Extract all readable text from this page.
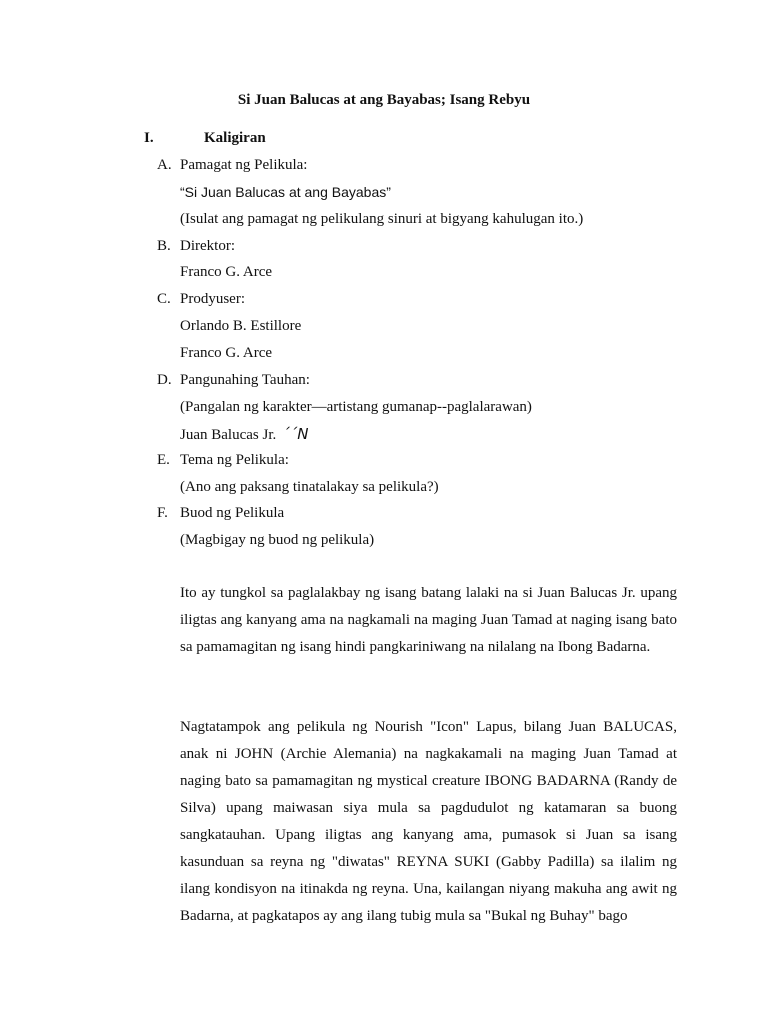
Si Juan Balucas at ang Bayabas; Isang Rebyu
I.	Kaligiran
A. Pamagat ng Pelikula:
“Si Juan Balucas at ang Bayabas”
(Isulat ang pamagat ng pelikulang sinuri at bigyang kahulugan ito.)
B. Direktor:
Franco G. Arce
C. Prodyuser:
Orlando B. Estillore
Franco G. Arce
D. Pangunahing Tauhan:
(Pangalan ng karakter—artistang gumanap--paglalarawan)
Juan Balucas Jr. ´´N
E. Tema ng Pelikula:
(Ano ang paksang tinatalakay sa pelikula?)
F. Buod ng Pelikula
(Magbigay ng buod ng pelikula)
Ito ay tungkol sa paglalakbay ng isang batang lalaki na si Juan Balucas Jr. upang iligtas ang kanyang ama na nagkamali na maging Juan Tamad at naging isang bato sa pamamagitan ng isang hindi pangkariniwang na nilalang na Ibong Badarna.
Nagtatampok ang pelikula ng Nourish "Icon" Lapus, bilang Juan BALUCAS, anak ni JOHN (Archie Alemania) na nagkakamali na maging Juan Tamad at naging bato sa pamamagitan ng mystical creature IBONG BADARNA (Randy de Silva) upang maiwasan siya mula sa pagdudulot ng katamaran sa buong sangkatauhan. Upang iligtas ang kanyang ama, pumasok si Juan sa isang kasunduan sa reyna ng "diwatas" REYNA SUKI (Gabby Padilla) sa ilalim ng ilang kondisyon na itinakda ng reyna. Una, kailangan niyang makuha ang awit ng Badarna, at pagkatapos ay ang ilang tubig mula sa "Bukal ng Buhay" bago
